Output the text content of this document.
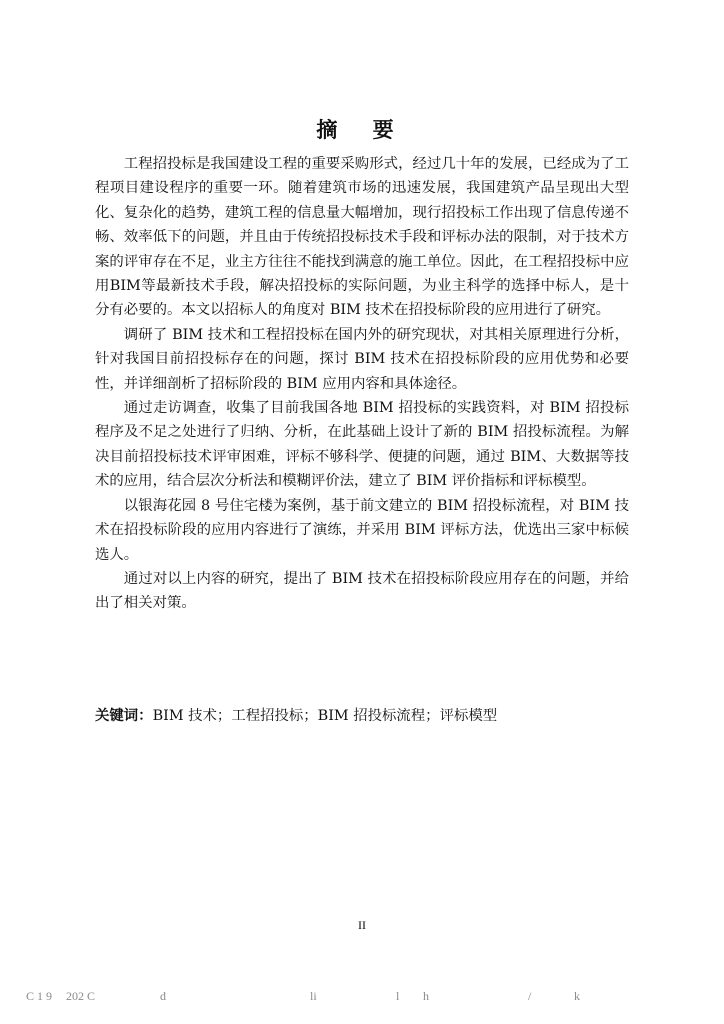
摘 要

工程招投标是我国建设工程的重要采购形式，经过几十年的发展，已经成为了工程项目建设程序的重要一环。随着建筑市场的迅速发展，我国建筑产品呈现出大型化、复杂化的趋势，建筑工程的信息量大幅增加，现行招投标工作出现了信息传递不畅、效率低下的问题，并且由于传统招投标技术手段和评标办法的限制，对于技术方案的评审存在不足，业主方往往不能找到满意的施工单位。因此，在工程招投标中应用BIM等最新技术手段，解决招投标的实际问题，为业主科学的选择中标人，是十分有必要的。本文以招标人的角度对 BIM 技术在招投标阶段的应用进行了研究。

调研了 BIM 技术和工程招投标在国内外的研究现状，对其相关原理进行分析，针对我国目前招投标存在的问题，探讨 BIM 技术在招投标阶段的应用优势和必要性，并详细剖析了招标阶段的 BIM 应用内容和具体途径。

通过走访调查，收集了目前我国各地 BIM 招投标的实践资料，对 BIM 招投标程序及不足之处进行了归纳、分析，在此基础上设计了新的 BIM 招投标流程。为解决目前招投标技术评审困难，评标不够科学、便捷的问题，通过 BIM、大数据等技术的应用，结合层次分析法和模糊评价法，建立了 BIM 评价指标和评标模型。

以银海花园 8 号住宅楼为案例，基于前文建立的 BIM 招投标流程，对 BIM 技术在招投标阶段的应用内容进行了演练，并采用 BIM 评标方法，优选出三家中标候选人。

通过对以上内容的研究，提出了 BIM 技术在招投标阶段应用存在的问题，并给出了相关对策。

关键词：BIM 技术；工程招投标；BIM 招投标流程；评标模型
II
C 1 9 202 C	d	li	l h	/	k
